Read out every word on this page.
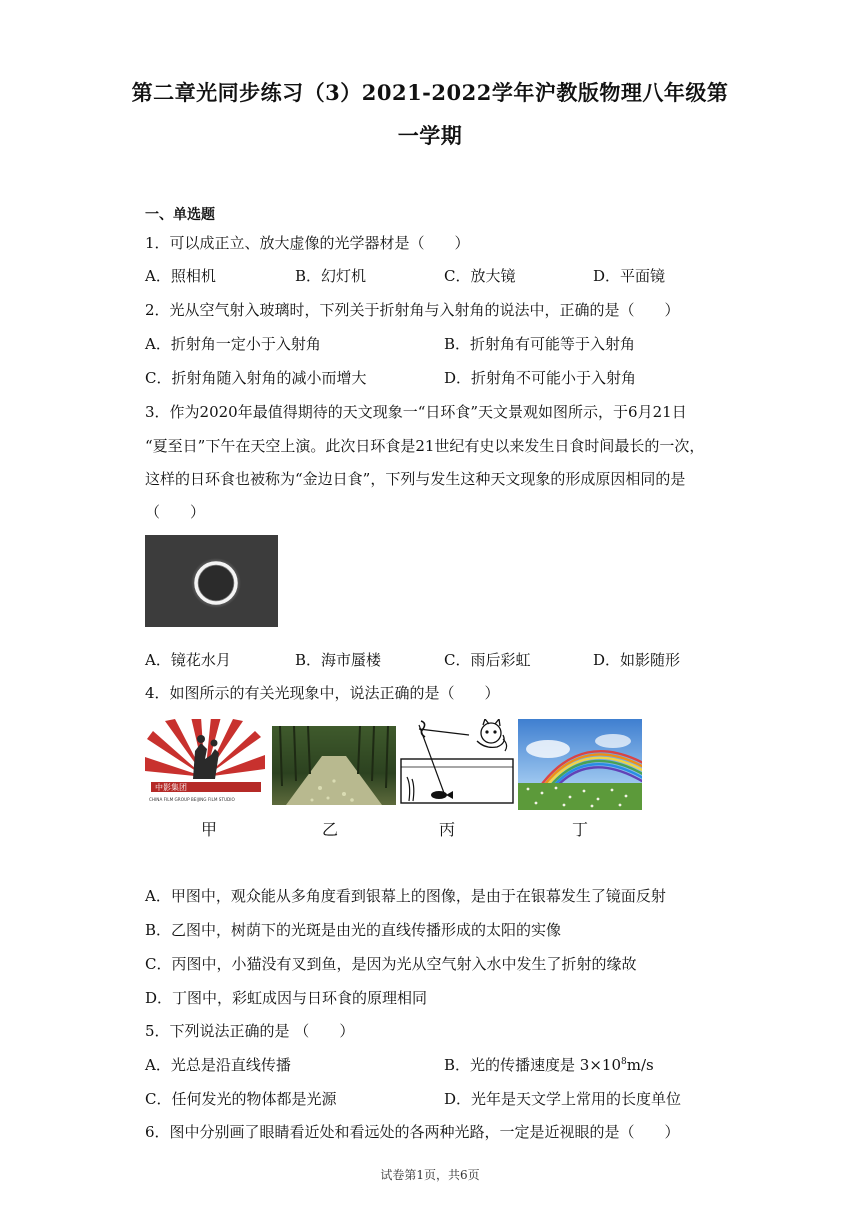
第二章光同步练习（3）2021-2022学年沪教版物理八年级第
一学期
一、单选题
1．可以成正立、放大虚像的光学器材是（　　）
A．照相机	B．幻灯机	C．放大镜	D．平面镜
2．光从空气射入玻璃时，下列关于折射角与入射角的说法中，正确的是（　　）
A．折射角一定小于入射角	B．折射角有可能等于入射角
C．折射角随入射角的减小而增大	D．折射角不可能小于入射角
3．作为2020年最值得期待的天文现象一“日环食”天文景观如图所示，于6月21日
“夏至日”下午在天空上演。此次日环食是21世纪有史以来发生日食时间最长的一次，
这样的日环食也被称为“金边日食”，下列与发生这种天文现象的形成原因相同的是
（　　）
A．镜花水月	B．海市蜃楼	C．雨后彩虹	D．如影随形
4．如图所示的有关光现象中，说法正确的是（　　）
中影集团
CHINA FILM GROUP BEIJING FILM STUDIO
甲	乙	丙	丁
A．甲图中，观众能从多角度看到银幕上的图像，是由于在银幕发生了镜面反射
B．乙图中，树荫下的光斑是由光的直线传播形成的太阳的实像
C．丙图中，小猫没有叉到鱼，是因为光从空气射入水中发生了折射的缘故
D．丁图中，彩虹成因与日环食的原理相同
5．下列说法正确的是 （　　）
A．光总是沿直线传播	B．光的传播速度是 $3\times 10^8m/s$
C．任何发光的物体都是光源	D．光年是天文学上常用的长度单位
6．图中分别画了眼睛看近处和看远处的各两种光路，一定是近视眼的是（　　）
试卷第1页，共6页
